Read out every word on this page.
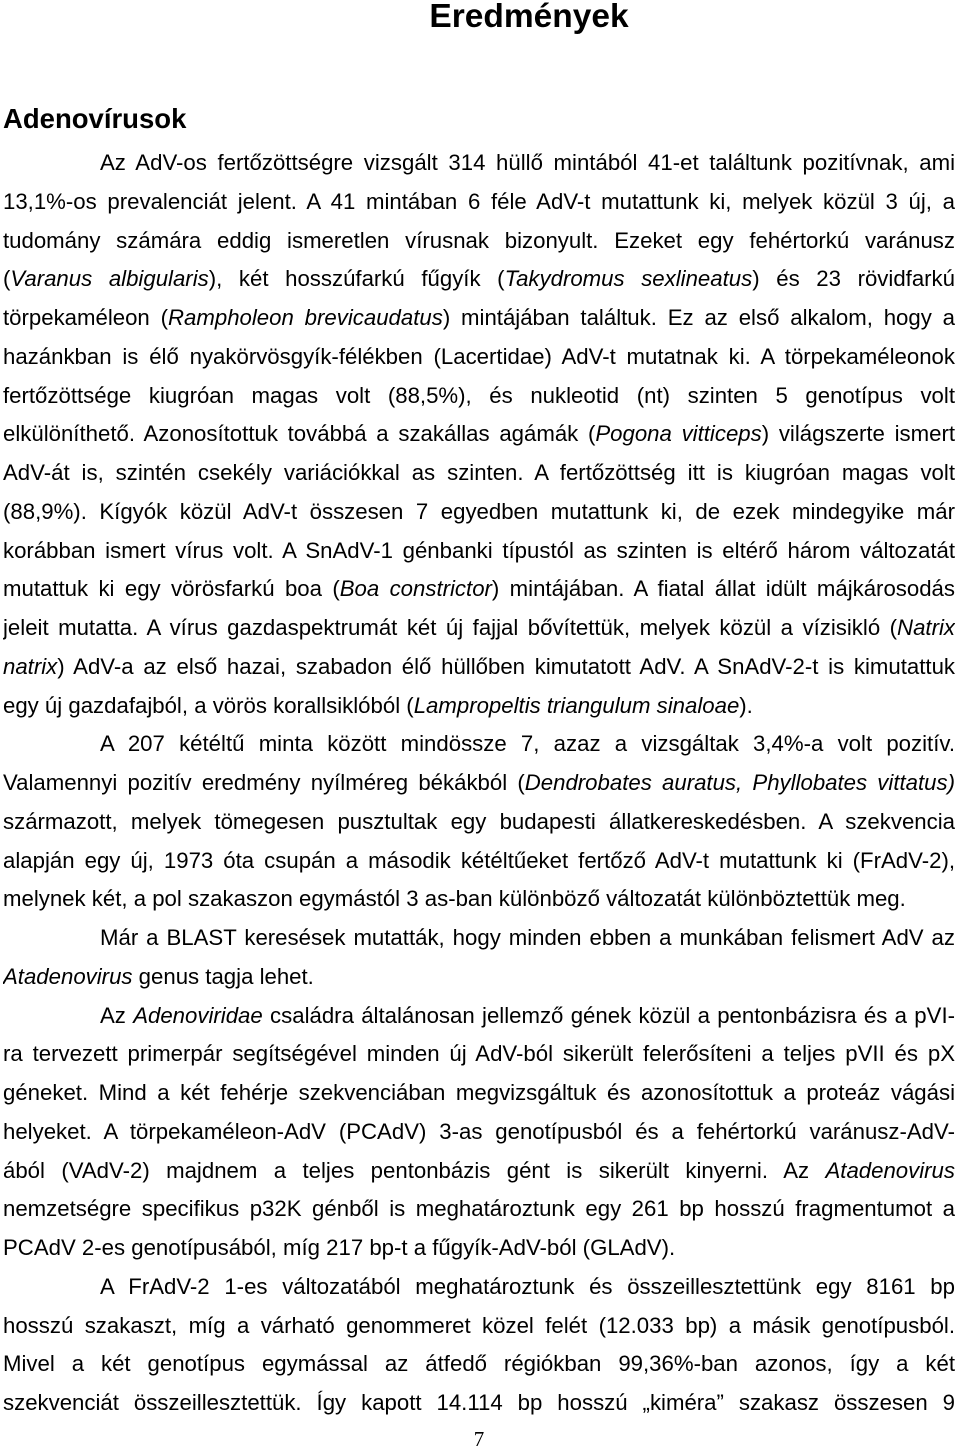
Eredmények
Adenovírusok
Az AdV-os fertőzöttségre vizsgált 314 hüllő mintából 41-et találtunk pozitívnak, ami
13,1%-os prevalenciát jelent. A 41 mintában 6 féle AdV-t mutattunk ki, melyek közül 3 új, a
tudomány számára eddig ismeretlen vírusnak bizonyult. Ezeket egy fehértorkú varánusz
(Varanus albigularis), két hosszúfarkú fűgyík (Takydromus sexlineatus) és 23 rövidfarkú
törpekaméleon (Rampholeon brevicaudatus) mintájában találtuk. Ez az első alkalom, hogy a
hazánkban is élő nyakörvösgyík-félékben (Lacertidae) AdV-t mutatnak ki. A törpekaméleonok
fertőzöttsége kiugróan magas volt (88,5%), és nukleotid (nt) szinten 5 genotípus volt
elkülöníthető. Azonosítottuk továbbá a szakállas agámák (Pogona vitticeps) világszerte ismert
AdV-át is, szintén csekély variációkkal as szinten. A fertőzöttség itt is kiugróan magas volt
(88,9%). Kígyók közül AdV-t összesen 7 egyedben mutattunk ki, de ezek mindegyike már
korábban ismert vírus volt. A SnAdV-1 génbanki típustól as szinten is eltérő három változatát
mutattuk ki egy vörösfarkú boa (Boa constrictor) mintájában. A fiatal állat idült májkárosodás
jeleit mutatta. A vírus gazdaspektrumát két új fajjal bővítettük, melyek közül a vízisikló (Natrix
natrix) AdV-a az első hazai, szabadon élő hüllőben kimutatott AdV. A SnAdV-2-t is kimutattuk
egy új gazdafajból, a vörös korallsiklóból (Lampropeltis triangulum sinaloae).
A 207 kétéltű minta között mindössze 7, azaz a vizsgáltak 3,4%-a volt pozitív.
Valamennyi pozitív eredmény nyílméreg békákból (Dendrobates auratus, Phyllobates vittatus)
származott, melyek tömegesen pusztultak egy budapesti állatkereskedésben. A szekvencia
alapján egy új, 1973 óta csupán a második kétéltűeket fertőző AdV-t mutattunk ki (FrAdV-2),
melynek két, a pol szakaszon egymástól 3 as-ban különböző változatát különböztettük meg.
Már a BLAST keresések mutatták, hogy minden ebben a munkában felismert AdV az
Atadenovirus genus tagja lehet.
Az Adenoviridae családra általánosan jellemző gének közül a pentonbázisra és a pVI-
ra tervezett primerpár segítségével minden új AdV-ból sikerült felerősíteni a teljes pVII és pX
géneket. Mind a két fehérje szekvenciában megvizsgáltuk és azonosítottuk a proteáz vágási
helyeket. A törpekaméleon-AdV (PCAdV) 3-as genotípusból és a fehértorkú varánusz-AdV-
ából (VAdV-2) majdnem a teljes pentonbázis gént is sikerült kinyerni. Az Atadenovirus
nemzetségre specifikus p32K génből is meghatároztunk egy 261 bp hosszú fragmentumot a
PCAdV 2-es genotípusából, míg 217 bp-t a fűgyík-AdV-ból (GLAdV).
A FrAdV-2 1-es változatából meghatároztunk és összeillesztettünk egy 8161 bp
hosszú szakaszt, míg a várható genommeret közel felét (12.033 bp) a másik genotípusból.
Mivel a két genotípus egymással az átfedő régiókban 99,36%-ban azonos, így a két
szekvenciát összeillesztettük. Így kapott 14.114 bp hosszú „kiméra” szakasz összesen 9
7
